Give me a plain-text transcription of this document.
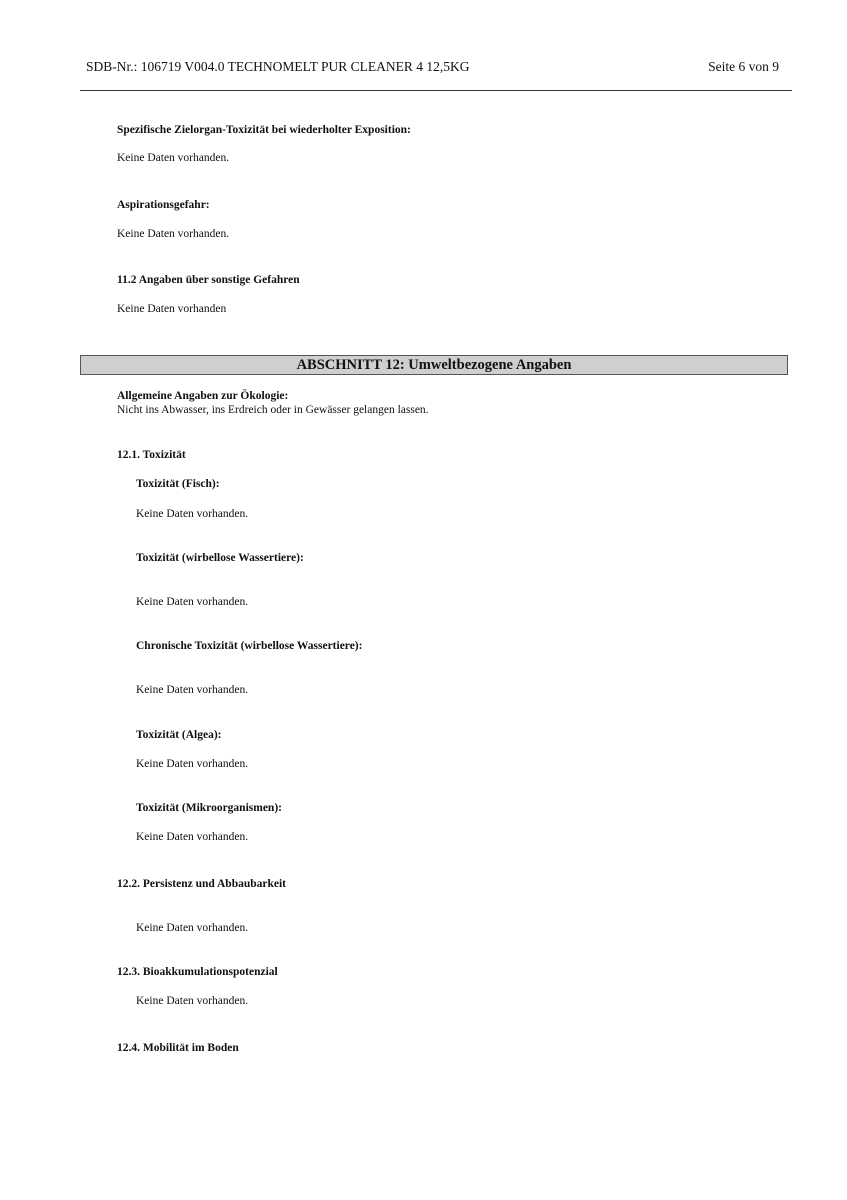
SDB-Nr.: 106719 V004.0 TECHNOMELT PUR CLEANER 4 12,5KG	Seite 6 von 9
Spezifische Zielorgan-Toxizität bei wiederholter Exposition:
Keine Daten vorhanden.
Aspirationsgefahr:
Keine Daten vorhanden.
11.2 Angaben über sonstige Gefahren
Keine Daten vorhanden
ABSCHNITT 12: Umweltbezogene Angaben
Allgemeine Angaben zur Ökologie:
Nicht ins Abwasser, ins Erdreich oder in Gewässer gelangen lassen.
12.1. Toxizität
Toxizität (Fisch):
Keine Daten vorhanden.
Toxizität (wirbellose Wassertiere):
Keine Daten vorhanden.
Chronische Toxizität (wirbellose Wassertiere):
Keine Daten vorhanden.
Toxizität (Algea):
Keine Daten vorhanden.
Toxizität (Mikroorganismen):
Keine Daten vorhanden.
12.2. Persistenz und Abbaubarkeit
Keine Daten vorhanden.
12.3. Bioakkumulationspotenzial
Keine Daten vorhanden.
12.4. Mobilität im Boden
